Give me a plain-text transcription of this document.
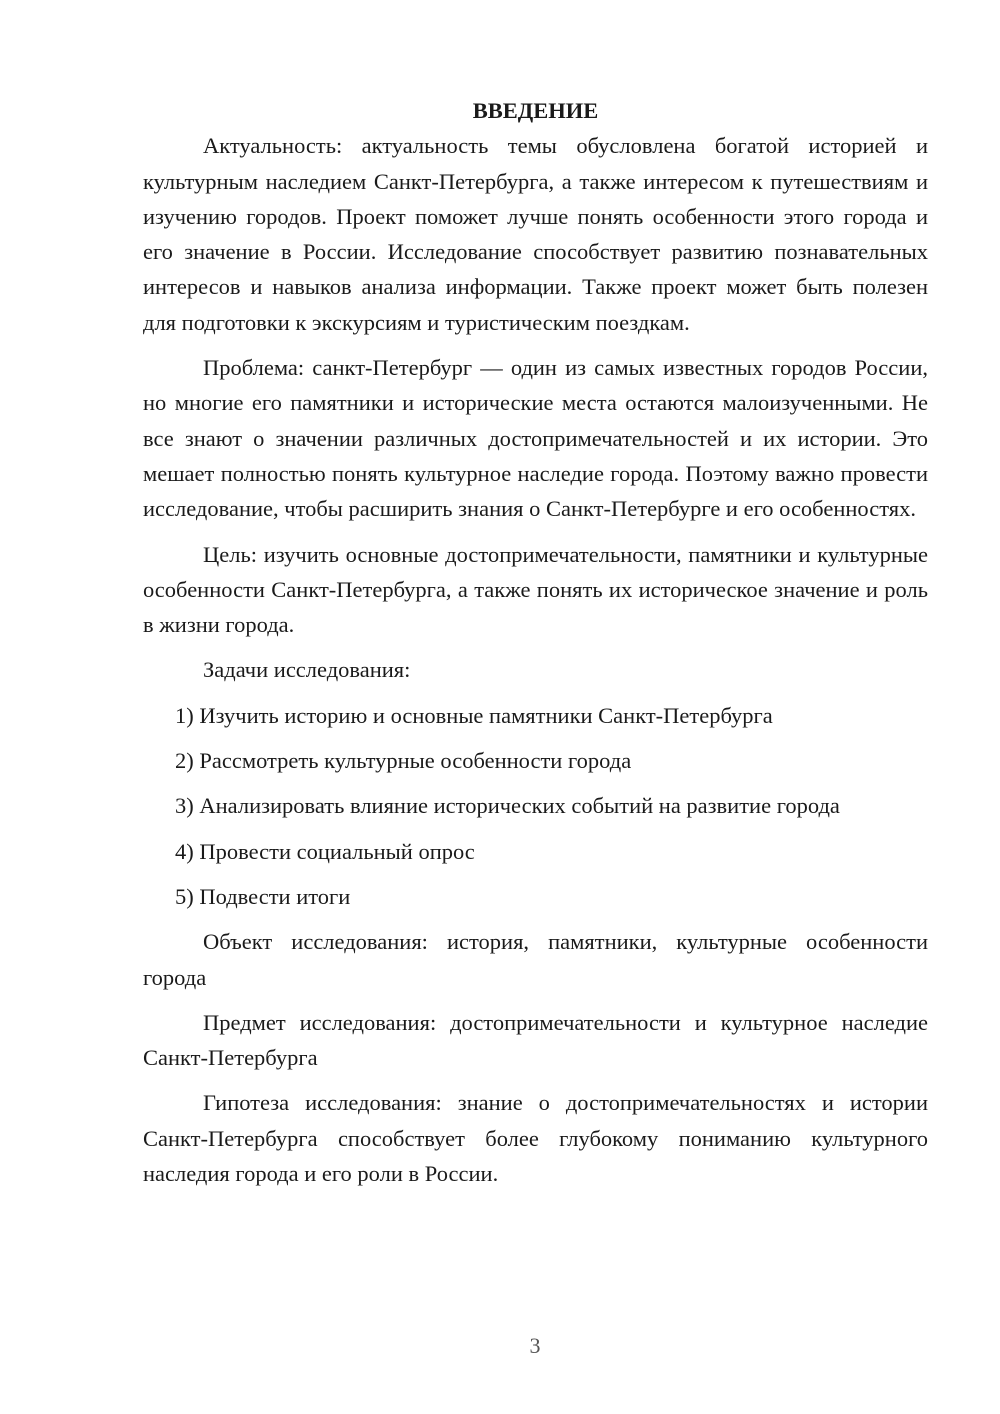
ВВЕДЕНИЕ

Актуальность: актуальность темы обусловлена богатой историей и культурным наследием Санкт-Петербурга, а также интересом к путешествиям и изучению городов. Проект поможет лучше понять особенности этого города и его значение в России. Исследование способствует развитию познавательных интересов и навыков анализа информации. Также проект может быть полезен для подготовки к экскурсиям и туристическим поездкам.

Проблема: санкт-Петербург — один из самых известных городов России, но многие его памятники и исторические места остаются малоизученными. Не все знают о значении различных достопримечательностей и их истории. Это мешает полностью понять культурное наследие города. Поэтому важно провести исследование, чтобы расширить знания о Санкт-Петербурге и его особенностях.

Цель: изучить основные достопримечательности, памятники и культурные особенности Санкт-Петербурга, а также понять их историческое значение и роль в жизни города.

Задачи исследования:

1) Изучить историю и основные памятники Санкт-Петербурга
2) Рассмотреть культурные особенности города
3) Анализировать влияние исторических событий на развитие города
4) Провести социальный опрос
5) Подвести итоги

Объект исследования: история, памятники, культурные особенности города

Предмет исследования: достопримечательности и культурное наследие Санкт-Петербурга

Гипотеза исследования: знание о достопримечательностях и истории Санкт-Петербурга способствует более глубокому пониманию культурного наследия города и его роли в России.

3
